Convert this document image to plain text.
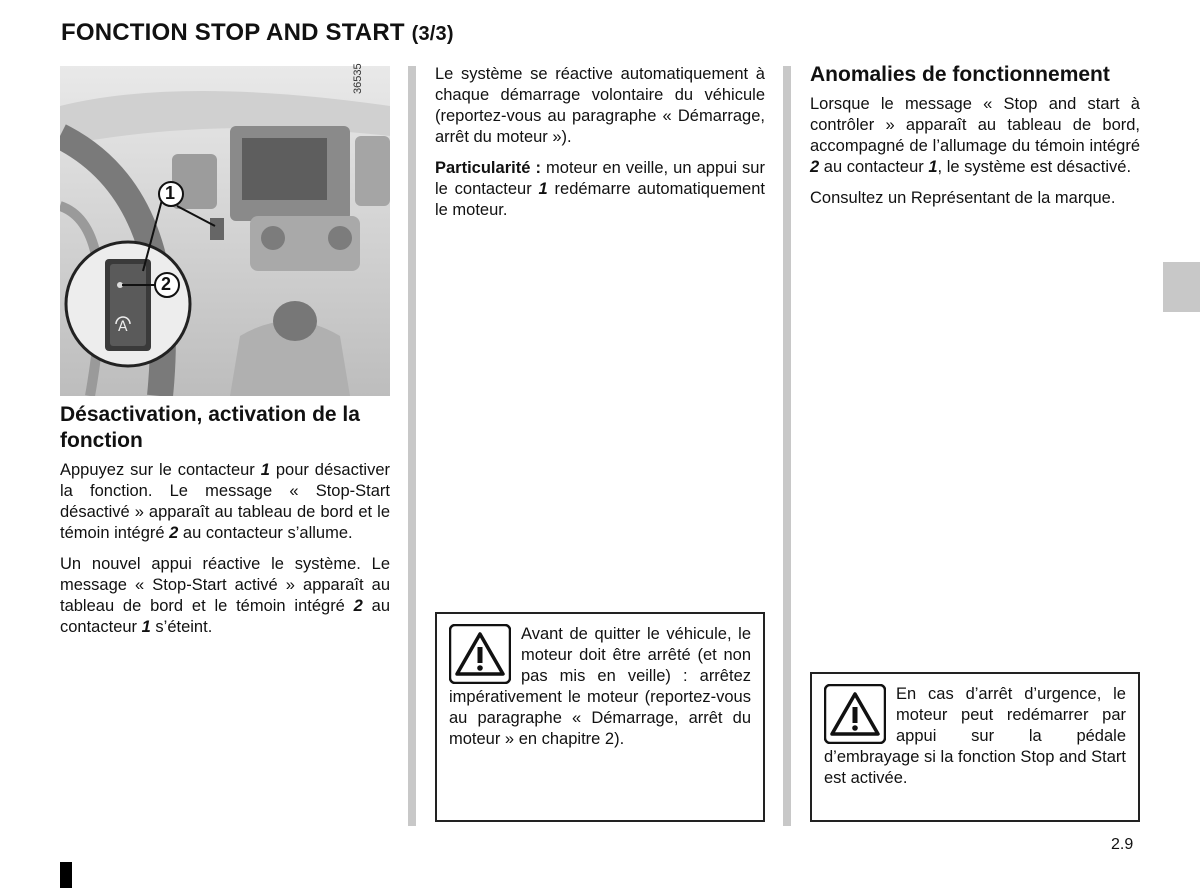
FONCTION STOP AND START (3/3)
A
1
2
36535
Désactivation, activation de la fonction

Appuyez sur le contacteur 1 pour désactiver la fonction. Le message « Stop-Start désactivé » apparaît au tableau de bord et le témoin intégré 2 au contacteur s’allume.

Un nouvel appui réactive le système. Le message « Stop-Start activé » apparaît au tableau de bord et le témoin intégré 2 au contacteur 1 s’éteint.

Le système se réactive automatiquement à chaque démarrage volontaire du véhicule (reportez-vous au paragraphe « Démarrage, arrêt du moteur »).

Particularité : moteur en veille, un appui sur le contacteur 1 redémarre automatiquement le moteur.

Avant de quitter le véhicule, le moteur doit être arrêté (et non pas mis en veille) : arrêtez impérativement le moteur (reportez-vous au paragraphe « Démarrage, arrêt du moteur » en chapitre 2).
Anomalies de fonctionnement

Lorsque le message « Stop and start à contrôler » apparaît au tableau de bord, accompagné de l’allumage du témoin intégré 2 au contacteur 1, le système est désactivé.

Consultez un Représentant de la marque.

En cas d’arrêt d’urgence, le moteur peut redémarrer par appui sur la pédale d’embrayage si la fonction Stop and Start est activée.
2.9
